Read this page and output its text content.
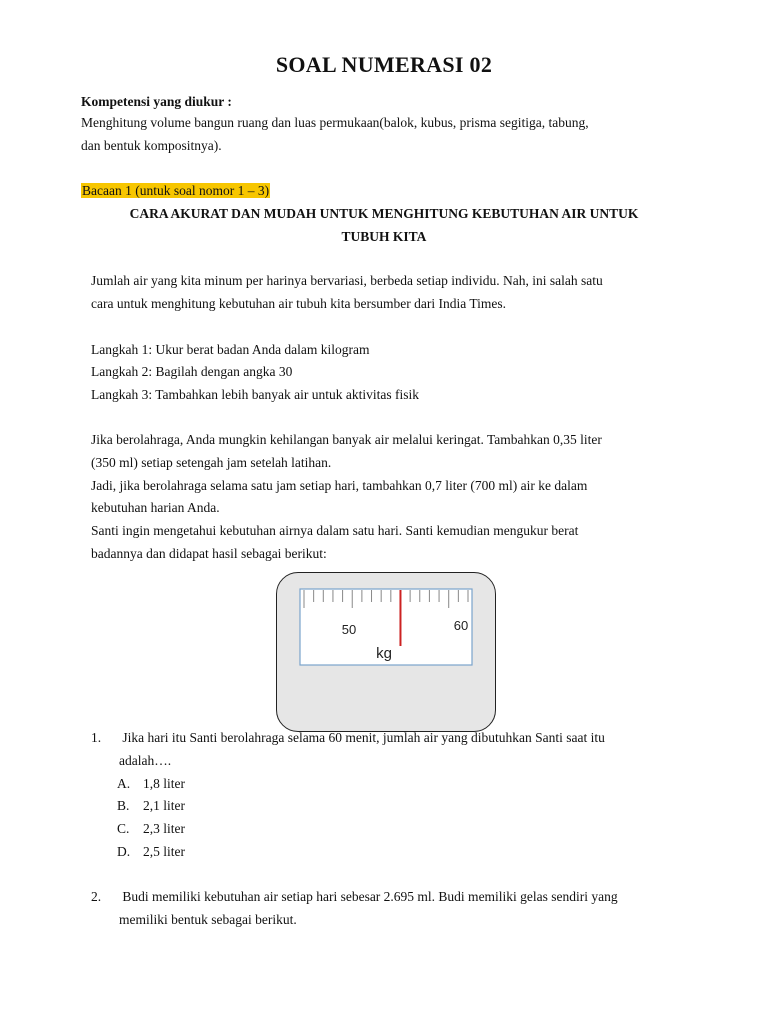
SOAL NUMERASI 02
Kompetensi yang diukur :
Menghitung volume bangun ruang dan luas permukaan(balok, kubus, prisma segitiga, tabung,
dan bentuk kompositnya).
Bacaan 1 (untuk soal nomor 1 – 3)
CARA AKURAT DAN MUDAH UNTUK MENGHITUNG KEBUTUHAN AIR UNTUK
TUBUH KITA
Jumlah air yang kita minum per harinya bervariasi, berbeda setiap individu. Nah, ini salah satu
cara untuk menghitung kebutuhan air tubuh kita bersumber dari India Times.
Langkah 1: Ukur berat badan Anda dalam kilogram
Langkah 2: Bagilah dengan angka 30
Langkah 3: Tambahkan lebih banyak air untuk aktivitas fisik
Jika berolahraga, Anda mungkin kehilangan banyak air melalui keringat. Tambahkan 0,35 liter
(350 ml) setiap setengah jam setelah latihan.
Jadi, jika berolahraga selama satu jam setiap hari, tambahkan 0,7 liter (700 ml) air ke dalam
kebutuhan harian Anda.
Santi ingin mengetahui kebutuhan airnya dalam satu hari. Santi kemudian mengukur berat
badannya dan didapat hasil sebagai berikut:
50	60
kg
1. Jika hari itu Santi berolahraga selama 60 menit, jumlah air yang dibutuhkan Santi saat itu
adalah….
A. 1,8 liter
B. 2,1 liter
C. 2,3 liter
D. 2,5 liter
2. Budi memiliki kebutuhan air setiap hari sebesar 2.695 ml. Budi memiliki gelas sendiri yang
memiliki bentuk sebagai berikut.
